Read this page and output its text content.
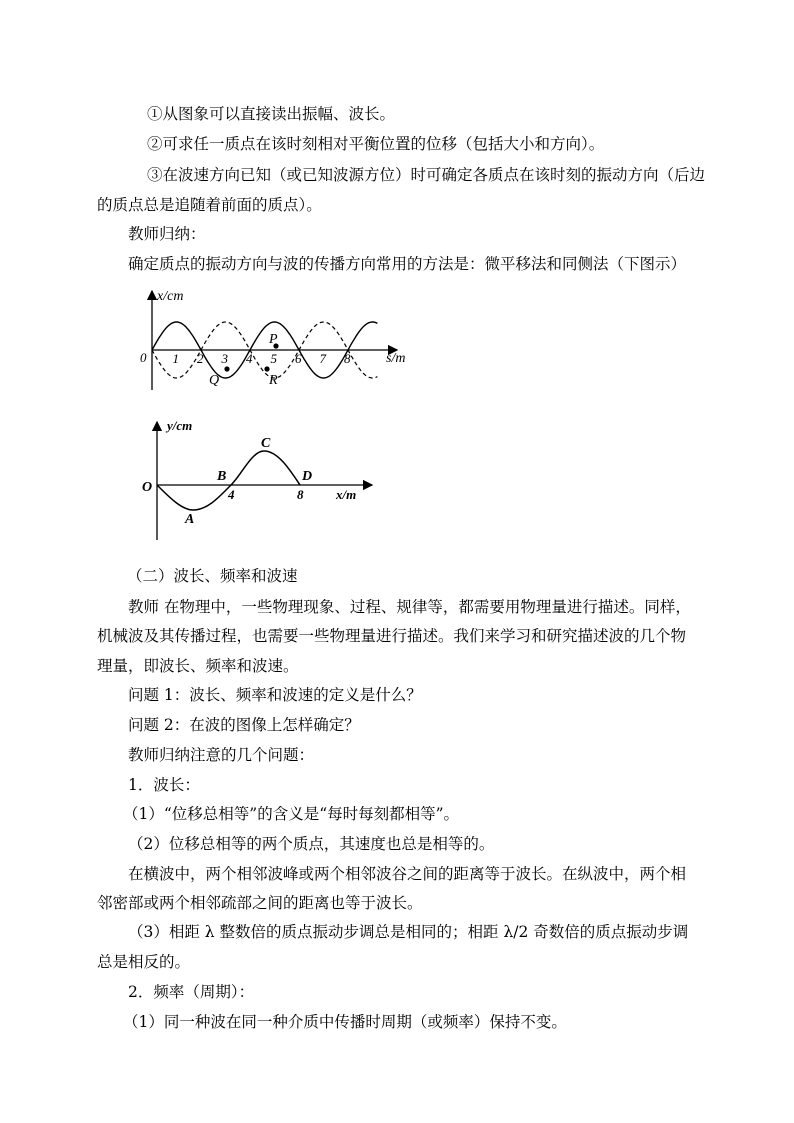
①从图象可以直接读出振幅、波长。

②可求任一质点在该时刻相对平衡位置的位移（包括大小和方向）。

③在波速方向已知（或已知波源方位）时可确定各质点在该时刻的振动方向（后边

的质点总是追随着前面的质点）。

教师归纳：

确定质点的振动方向与波的传播方向常用的方法是：微平移法和同侧法（下图示）

x/cm
s/m
0 1 2 3 4 5 6 7 8
P
Q	R
y/cm
x/m
O	4	8
A
B
C
D

（二）波长、频率和波速

教师 在物理中，一些物理现象、过程、规律等，都需要用物理量进行描述。同样，

机械波及其传播过程，也需要一些物理量进行描述。我们来学习和研究描述波的几个物

理量，即波长、频率和波速。

问题 1：波长、频率和波速的定义是什么？

问题 2：在波的图像上怎样确定？

教师归纳注意的几个问题：

1．波长：

（1）“位移总相等”的含义是“每时每刻都相等”。

（2）位移总相等的两个质点，其速度也总是相等的。

在横波中，两个相邻波峰或两个相邻波谷之间的距离等于波长。在纵波中，两个相

邻密部或两个相邻疏部之间的距离也等于波长。

（3）相距 λ 整数倍的质点振动步调总是相同的；相距 λ/2 奇数倍的质点振动步调

总是相反的。

2．频率（周期）：

（1）同一种波在同一种介质中传播时周期（或频率）保持不变。
